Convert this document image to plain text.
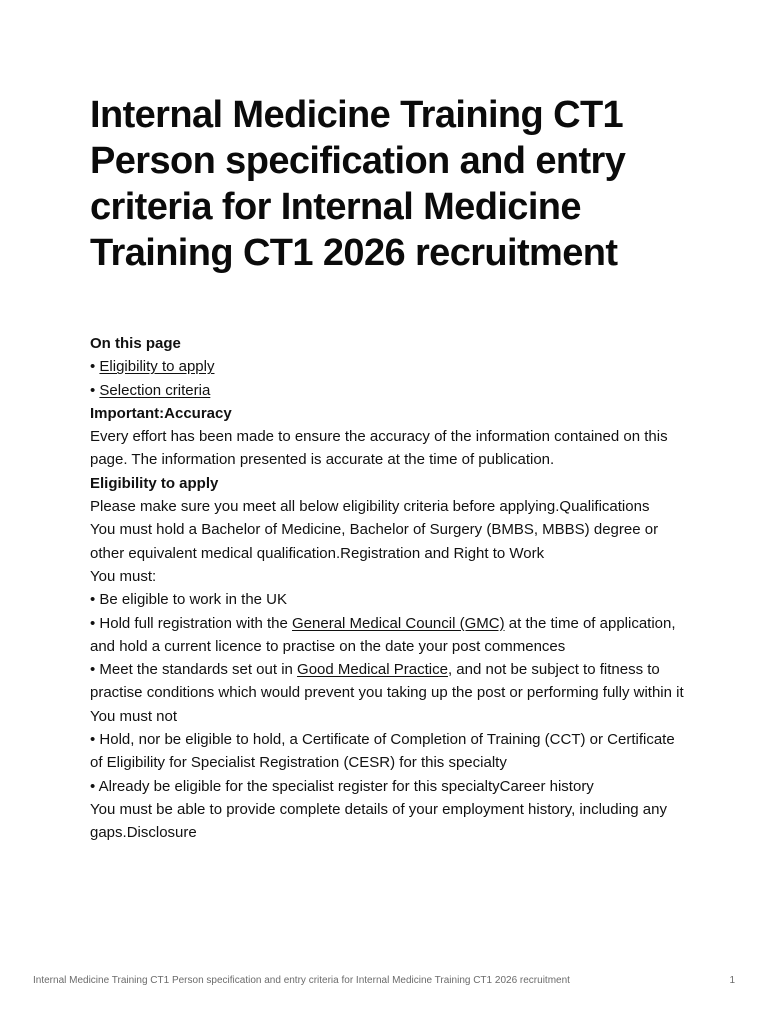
Internal Medicine Training CT1 Person specification and entry criteria for Internal Medicine Training CT1 2026 recruitment

On this page

• Eligibility to apply

• Selection criteria

Important:Accuracy

Every effort has been made to ensure the accuracy of the information contained on this page. The information presented is accurate at the time of publication.

Eligibility to apply

Please make sure you meet all below eligibility criteria before applying.Qualifications

You must hold a Bachelor of Medicine, Bachelor of Surgery (BMBS, MBBS) degree or other equivalent medical qualification.Registration and Right to Work

You must:

• Be eligible to work in the UK

• Hold full registration with the General Medical Council (GMC) at the time of application, and hold a current licence to practise on the date your post commences

• Meet the standards set out in Good Medical Practice, and not be subject to fitness to practise conditions which would prevent you taking up the post or performing fully within it

You must not

• Hold, nor be eligible to hold, a Certificate of Completion of Training (CCT) or Certificate of Eligibility for Specialist Registration (CESR) for this specialty

• Already be eligible for the specialist register for this specialtyCareer history

You must be able to provide complete details of your employment history, including any gaps.Disclosure

Internal Medicine Training CT1 Person specification and entry criteria for Internal Medicine Training CT1 2026 recruitment	1
